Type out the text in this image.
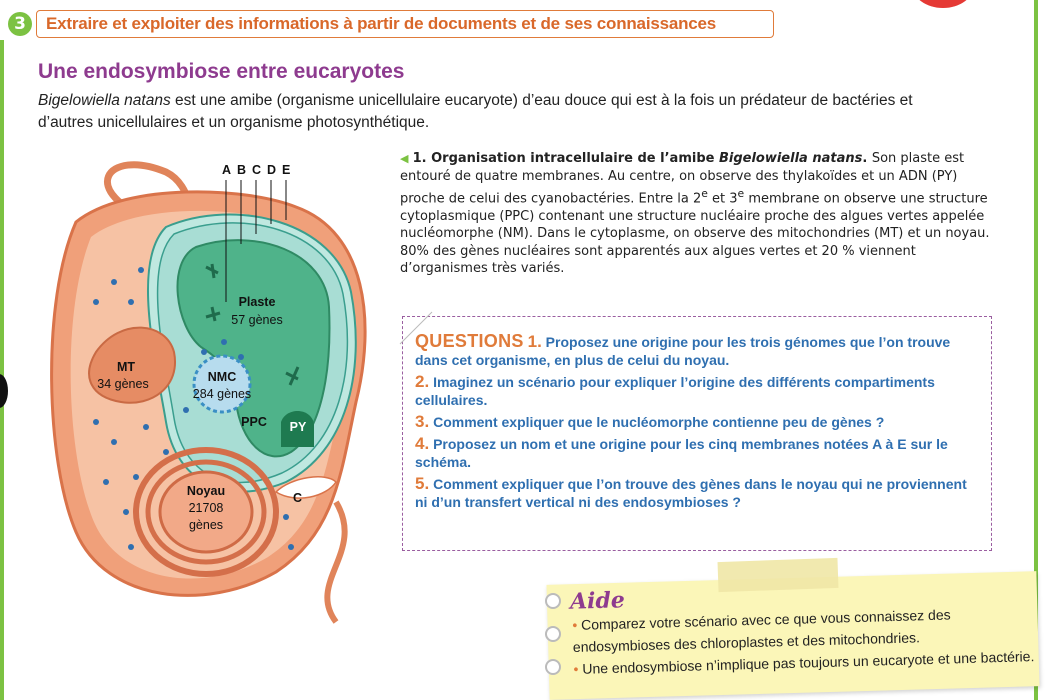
3	Extraire et exploiter des informations à partir de documents et de ses connaissances
Une endosymbiose entre eucaryotes
Bigelowiella natans est une amibe (organisme unicellulaire eucaryote) d’eau douce qui est à la fois un prédateur de bactéries et d’autres unicellulaires et un organisme photosynthétique.
A B C D E
Plaste
57 gènes
MT
34 gènes	NMC
284 gènes
PPC PY
Noyau
21708
gènes
C
◀ 1. Organisation intracellulaire de l’amibe Bigelowiella natans. Son plaste est entouré de quatre membranes. Au centre, on observe des thylakoïdes et un ADN (PY) proche de celui des cyanobactéries. Entre la 2e et 3e membrane on observe une structure cytoplasmique (PPC) contenant une structure nucléaire proche des algues vertes appelée nucléomorphe (NM). Dans le cytoplasme, on observe des mitochondries (MT) et un noyau. 80% des gènes nucléaires sont apparentés aux algues vertes et 20 % viennent d’organismes très variés.
QUESTIONS 1. Proposez une origine pour les trois génomes que l’on trouve dans cet organisme, en plus de celui du noyau.
2. Imaginez un scénario pour expliquer l’origine des différents compartiments cellulaires.
3. Comment expliquer que le nucléomorphe contienne peu de gènes ?
4. Proposez un nom et une origine pour les cinq membranes notées A à E sur le schéma.
5. Comment expliquer que l’on trouve des gènes dans le noyau qui ne proviennent ni d’un transfert vertical ni des endosymbioses ?
Aide
• Comparez votre scénario avec ce que vous connaissez des endosymbioses des chloroplastes et des mitochondries.
• Une endosymbiose n’implique pas toujours un eucaryote et une bactérie.
